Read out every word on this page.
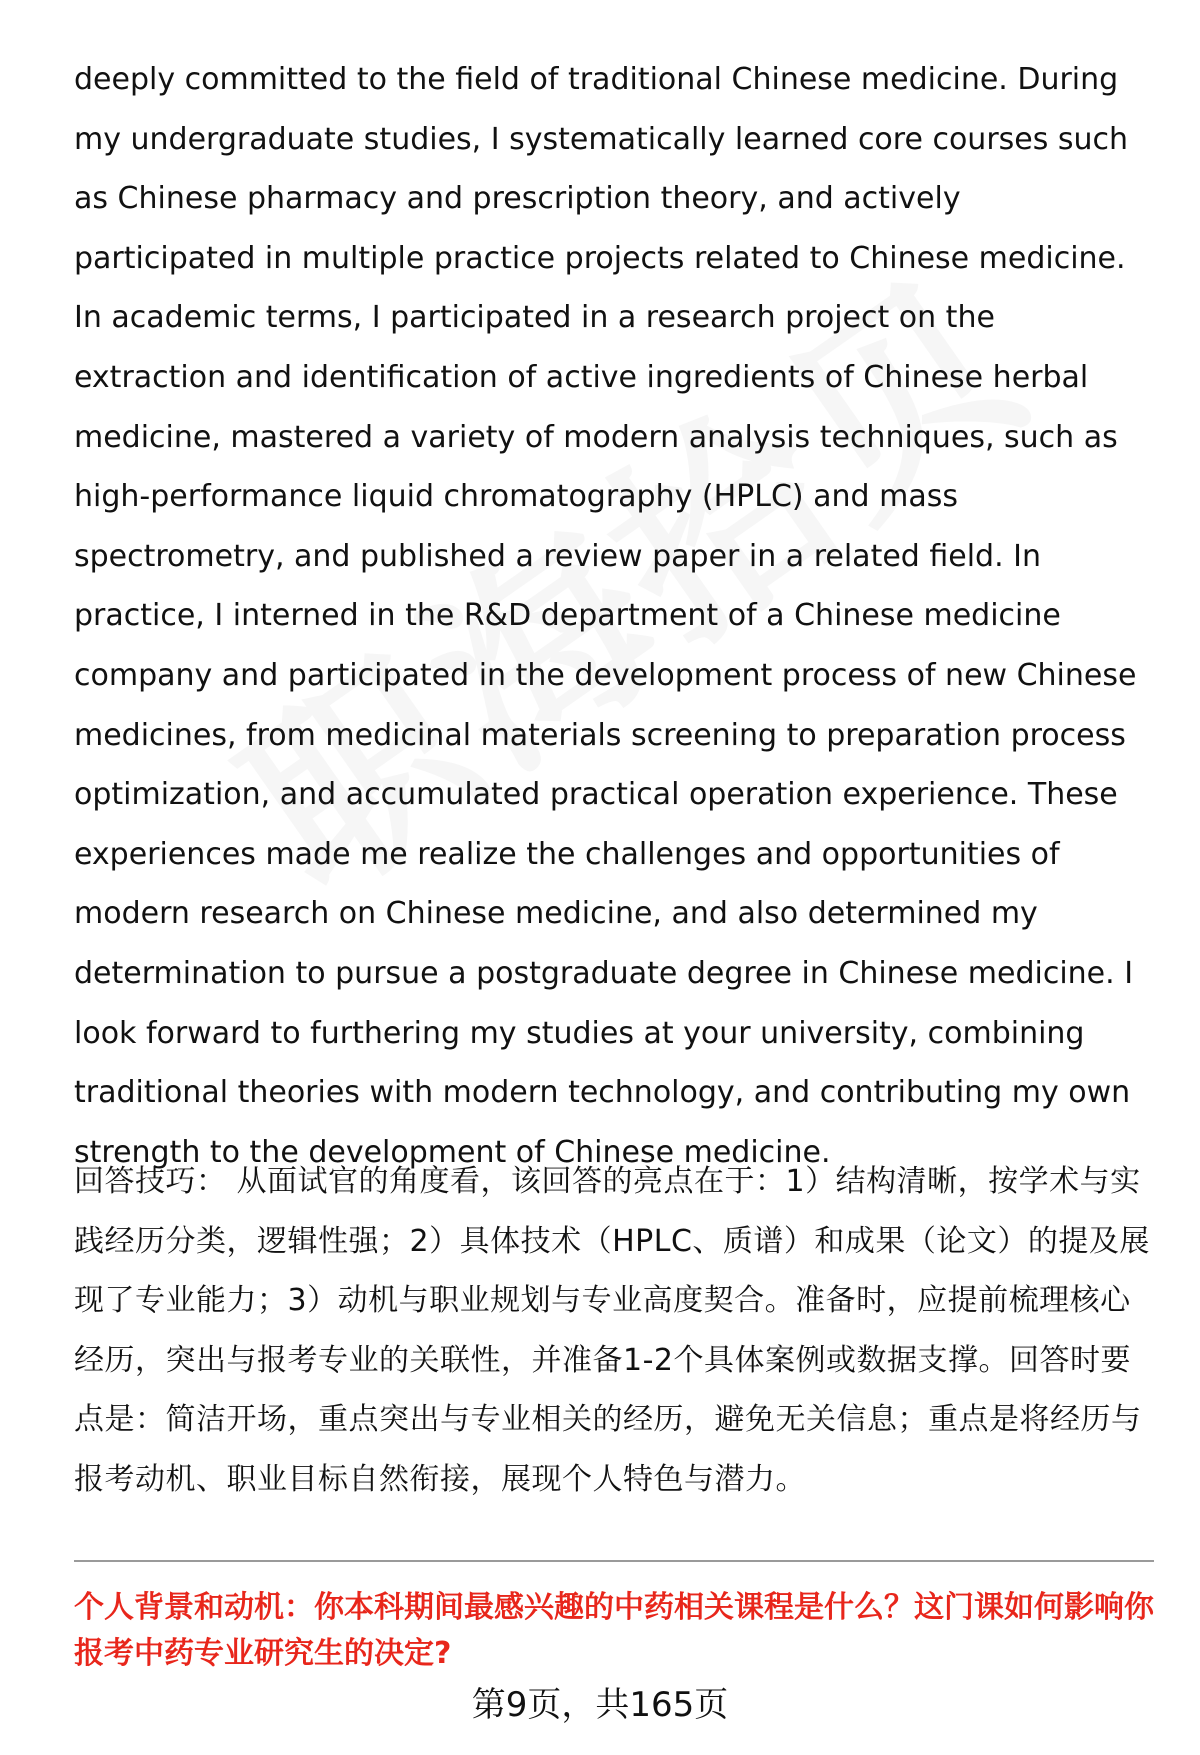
deeply committed to the field of traditional Chinese medicine. During my undergraduate studies, I systematically learned core courses such as Chinese pharmacy and prescription theory, and actively participated in multiple practice projects related to Chinese medicine. In academic terms, I participated in a research project on the extraction and identification of active ingredients of Chinese herbal medicine, mastered a variety of modern analysis techniques, such as high-performance liquid chromatography (HPLC) and mass spectrometry, and published a review paper in a related field. In practice, I interned in the R&D department of a Chinese medicine company and participated in the development process of new Chinese medicines, from medicinal materials screening to preparation process optimization, and accumulated practical operation experience. These experiences made me realize the challenges and opportunities of modern research on Chinese medicine, and also determined my determination to pursue a postgraduate degree in Chinese medicine. I look forward to furthering my studies at your university, combining traditional theories with modern technology, and contributing my own strength to the development of Chinese medicine.

回答技巧： 从面试官的角度看，该回答的亮点在于：1）结构清晰，按学术与实践经历分类，逻辑性强；2）具体技术（HPLC、质谱）和成果（论文）的提及展现了专业能力；3）动机与职业规划与专业高度契合。准备时，应提前梳理核心经历，突出与报考专业的关联性，并准备1-2个具体案例或数据支撑。回答时要点是：简洁开场，重点突出与专业相关的经历，避免无关信息；重点是将经历与报考动机、职业目标自然衔接，展现个人特色与潜力。

个人背景和动机：你本科期间最感兴趣的中药相关课程是什么？这门课如何影响你报考中药专业研究生的决定?

第9页，共165页
